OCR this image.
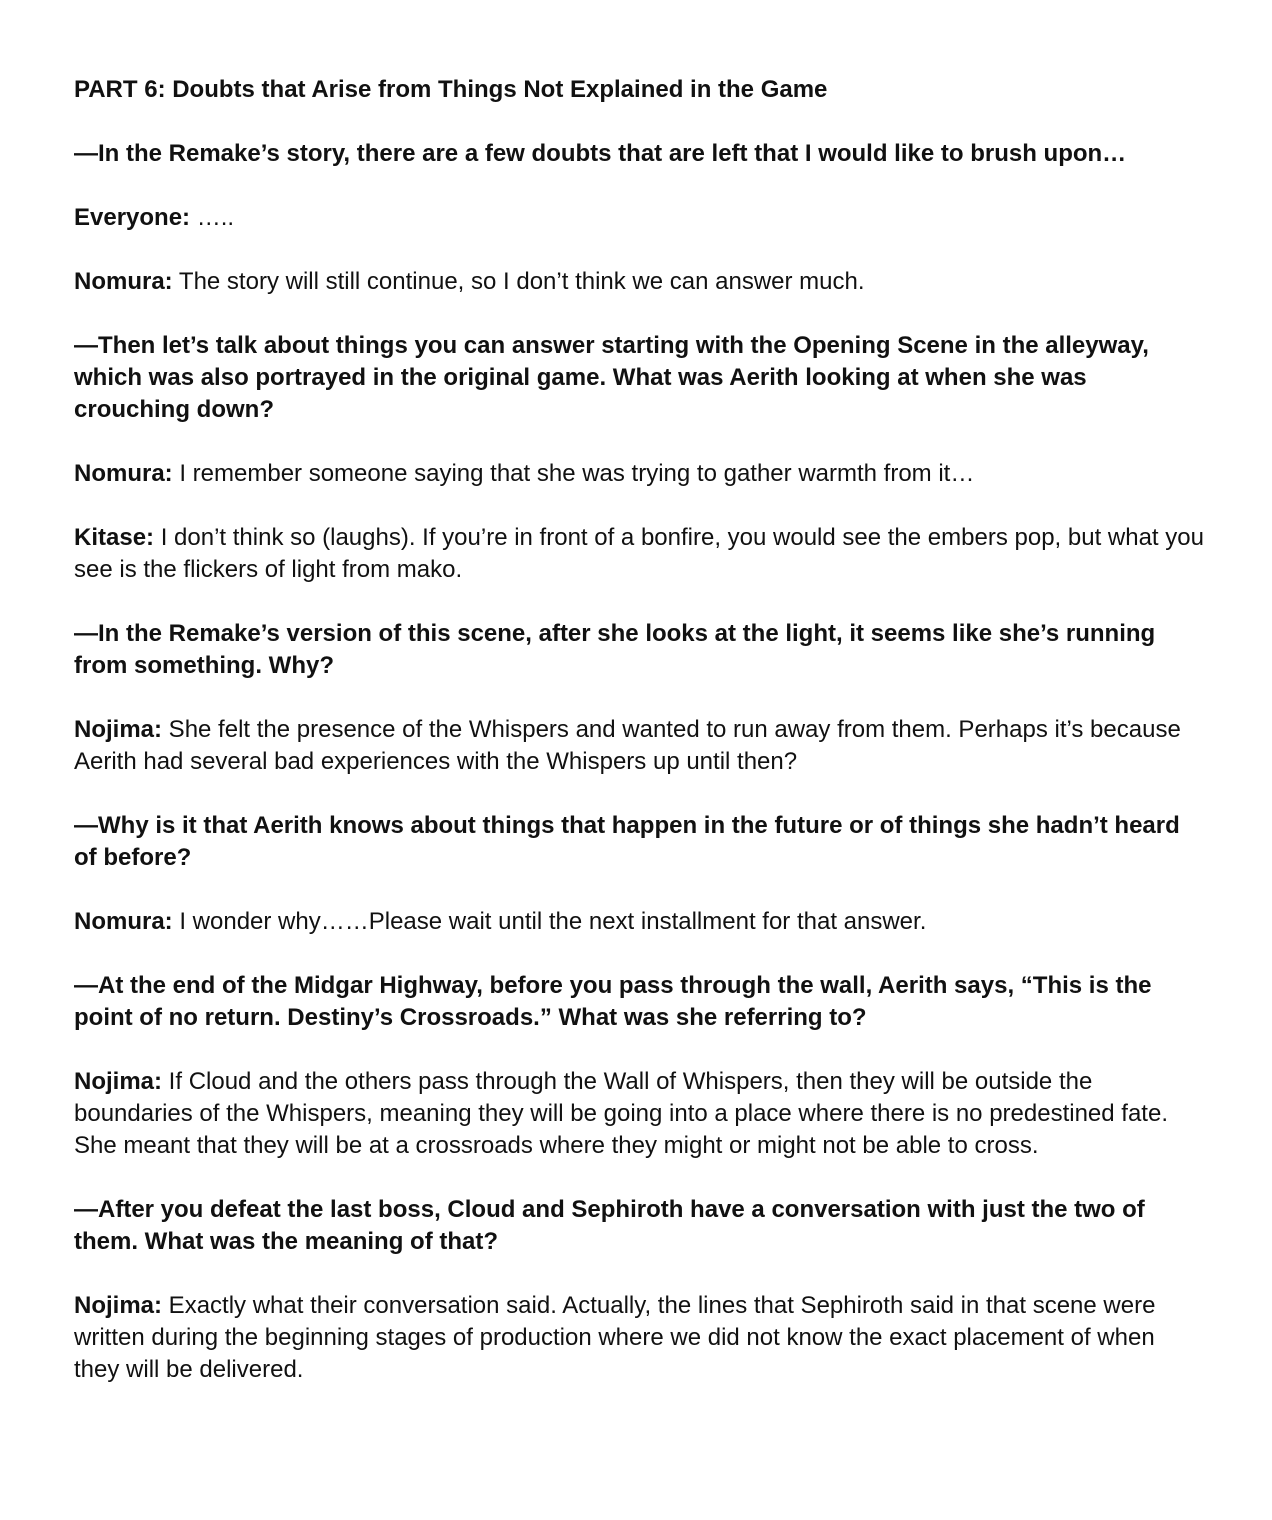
PART 6: Doubts that Arise from Things Not Explained in the Game

—In the Remake’s story, there are a few doubts that are left that I would like to brush upon…

Everyone: …..

Nomura: The story will still continue, so I don’t think we can answer much.

—Then let’s talk about things you can answer starting with the Opening Scene in the alleyway, which was also portrayed in the original game. What was Aerith looking at when she was crouching down?

Nomura: I remember someone saying that she was trying to gather warmth from it…

Kitase: I don’t think so (laughs). If you’re in front of a bonfire, you would see the embers pop, but what you see is the flickers of light from mako.

—In the Remake’s version of this scene, after she looks at the light, it seems like she’s running from something. Why?

Nojima: She felt the presence of the Whispers and wanted to run away from them. Perhaps it’s because Aerith had several bad experiences with the Whispers up until then?

—Why is it that Aerith knows about things that happen in the future or of things she hadn’t heard of before?

Nomura: I wonder why……Please wait until the next installment for that answer.

—At the end of the Midgar Highway, before you pass through the wall, Aerith says, “This is the point of no return. Destiny’s Crossroads.” What was she referring to?

Nojima: If Cloud and the others pass through the Wall of Whispers, then they will be outside the boundaries of the Whispers, meaning they will be going into a place where there is no predestined fate. She meant that they will be at a crossroads where they might or might not be able to cross.

—After you defeat the last boss, Cloud and Sephiroth have a conversation with just the two of them. What was the meaning of that?

Nojima: Exactly what their conversation said. Actually, the lines that Sephiroth said in that scene were written during the beginning stages of production where we did not know the exact placement of when they will be delivered.
